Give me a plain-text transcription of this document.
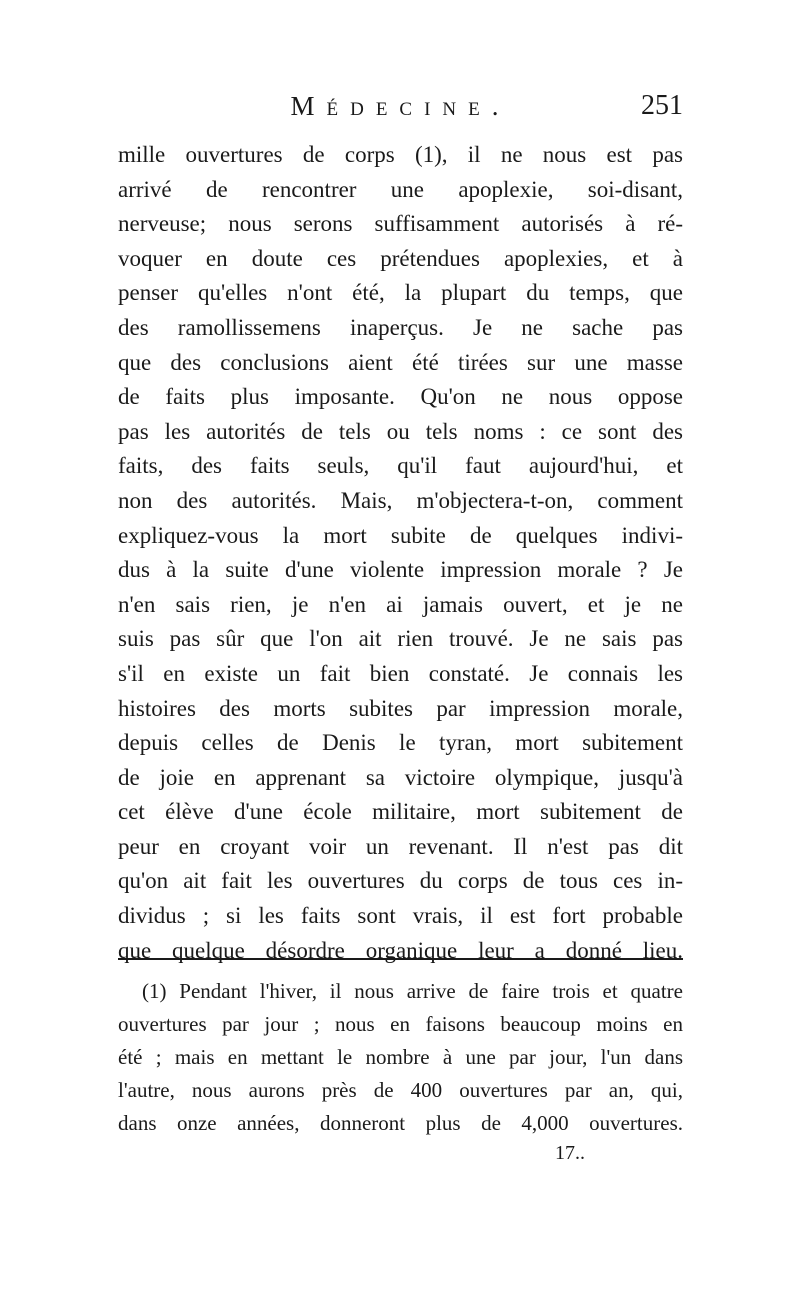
Médecine.	251
mille ouvertures de corps (1), il ne nous est pas
arrivé de rencontrer une apoplexie, soi-disant,
nerveuse; nous serons suffisamment autorisés à ré-
voquer en doute ces prétendues apoplexies, et à
penser qu'elles n'ont été, la plupart du temps, que
des ramollissemens inaperçus. Je ne sache pas
que des conclusions aient été tirées sur une masse
de faits plus imposante. Qu'on ne nous oppose
pas les autorités de tels ou tels noms : ce sont des
faits, des faits seuls, qu'il faut aujourd'hui, et
non des autorités. Mais, m'objectera-t-on, comment
expliquez-vous la mort subite de quelques indivi-
dus à la suite d'une violente impression morale ? Je
n'en sais rien, je n'en ai jamais ouvert, et je ne
suis pas sûr que l'on ait rien trouvé. Je ne sais pas
s'il en existe un fait bien constaté. Je connais les
histoires des morts subites par impression morale,
depuis celles de Denis le tyran, mort subitement
de joie en apprenant sa victoire olympique, jusqu'à
cet élève d'une école militaire, mort subitement de
peur en croyant voir un revenant. Il n'est pas dit
qu'on ait fait les ouvertures du corps de tous ces in-
dividus ; si les faits sont vrais, il est fort probable
que quelque désordre organique leur a donné lieu.
(1) Pendant l'hiver, il nous arrive de faire trois et quatre
ouvertures par jour ; nous en faisons beaucoup moins en
été ; mais en mettant le nombre à une par jour, l'un dans
l'autre, nous aurons près de 400 ouvertures par an, qui,
dans onze années, donneront plus de 4,000 ouvertures.
17..
